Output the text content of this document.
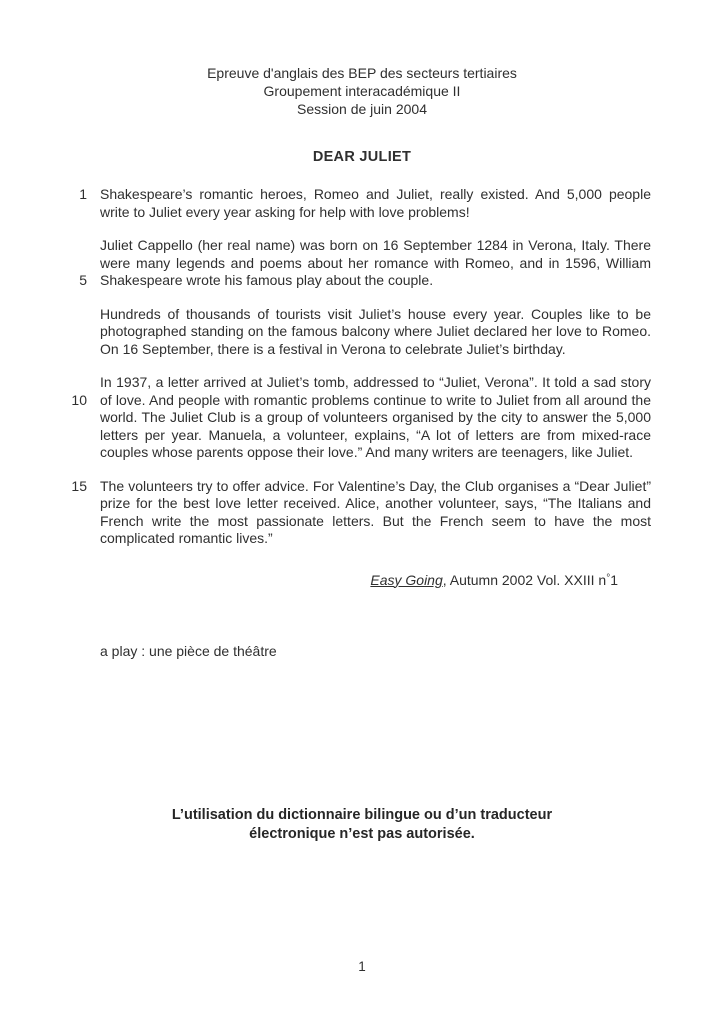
Epreuve d'anglais des BEP des secteurs tertiaires
Groupement interacadémique II
Session de juin 2004
DEAR JULIET
1 Shakespeare’s romantic heroes, Romeo and Juliet, really existed. And 5,000 people write to Juliet every year asking for help with love problems!
5
Juliet Cappello (her real name) was born on 16 September 1284 in Verona, Italy. There were many legends and poems about her romance with Romeo, and in 1596, William Shakespeare wrote his famous play about the couple.
Hundreds of thousands of tourists visit Juliet’s house every year. Couples like to be photographed standing on the famous balcony where Juliet declared her love to Romeo. On 16 September, there is a festival in Verona to celebrate Juliet’s birthday.
10
In 1937, a letter arrived at Juliet’s tomb, addressed to “Juliet, Verona”. It told a sad story of love. And people with romantic problems continue to write to Juliet from all around the world. The Juliet Club is a group of volunteers organised by the city to answer the 5,000 letters per year. Manuela, a volunteer, explains, “A lot of letters are from mixed-race couples whose parents oppose their love.” And many writers are teenagers, like Juliet.
15 The volunteers try to offer advice. For Valentine’s Day, the Club organises a “Dear Juliet” prize for the best love letter received. Alice, another volunteer, says, “The Italians and French write the most passionate letters. But the French seem to have the most complicated romantic lives.”
Easy Going, Autumn 2002 Vol. XXIII n°1
a play : une pièce de théâtre
L’utilisation du dictionnaire bilingue ou d’un traducteur
électronique n’est pas autorisée.
1
